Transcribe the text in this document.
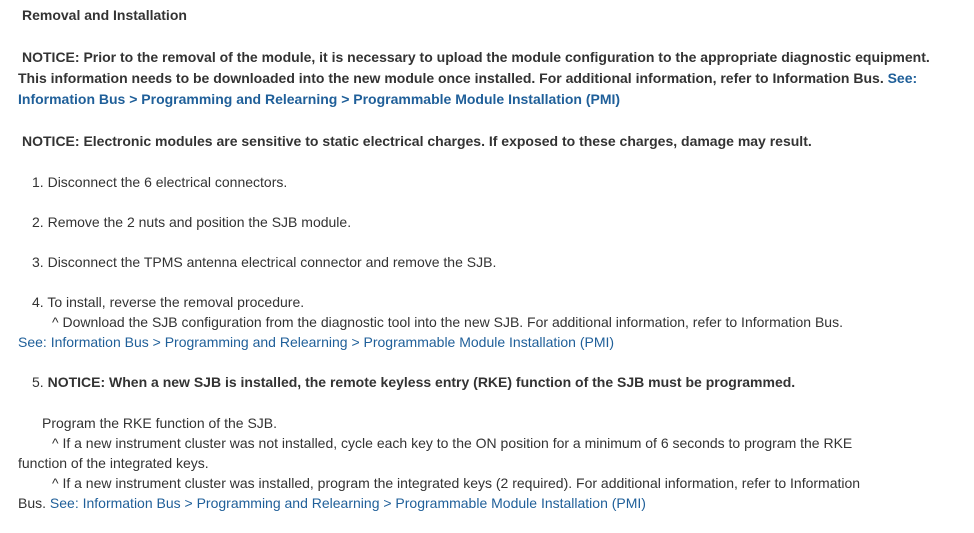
Removal and Installation
NOTICE: Prior to the removal of the module, it is necessary to upload the module configuration to the appropriate diagnostic equipment.
This information needs to be downloaded into the new module once installed. For additional information, refer to Information Bus. See:
Information Bus > Programming and Relearning > Programmable Module Installation (PMI)
NOTICE: Electronic modules are sensitive to static electrical charges. If exposed to these charges, damage may result.
1. Disconnect the 6 electrical connectors.
2. Remove the 2 nuts and position the SJB module.
3. Disconnect the TPMS antenna electrical connector and remove the SJB.
4. To install, reverse the removal procedure.
^ Download the SJB configuration from the diagnostic tool into the new SJB. For additional information, refer to Information Bus.
See: Information Bus > Programming and Relearning > Programmable Module Installation (PMI)
5. NOTICE: When a new SJB is installed, the remote keyless entry (RKE) function of the SJB must be programmed.
Program the RKE function of the SJB.
^ If a new instrument cluster was not installed, cycle each key to the ON position for a minimum of 6 seconds to program the RKE
function of the integrated keys.
^ If a new instrument cluster was installed, program the integrated keys (2 required). For additional information, refer to Information
Bus. See: Information Bus > Programming and Relearning > Programmable Module Installation (PMI)
